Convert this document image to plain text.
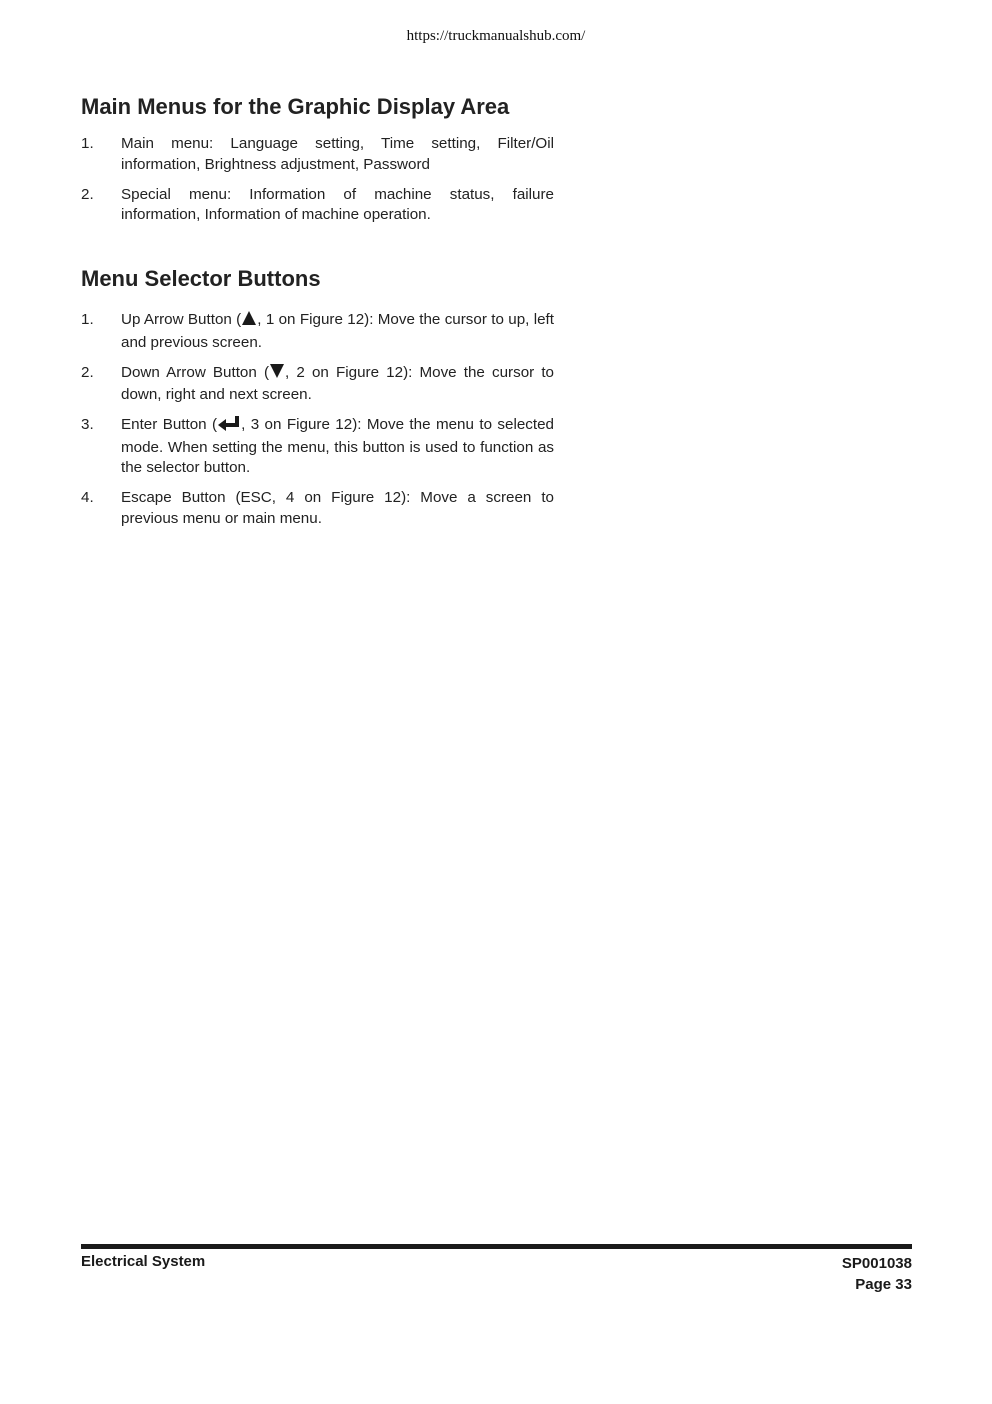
https://truckmanualshub.com/
Main Menus for the Graphic Display Area
1. Main menu: Language setting, Time setting, Filter/Oil information, Brightness adjustment, Password
2. Special menu: Information of machine status, failure information, Information of machine operation.
Menu Selector Buttons
1. Up Arrow Button ( , 1 on Figure 12): Move the cursor to up, left and previous screen.
2. Down Arrow Button ( , 2 on Figure 12): Move the cursor to down, right and next screen.
3. Enter Button ( , 3 on Figure 12): Move the menu to selected mode. When setting the menu, this button is used to function as the selector button.
4. Escape Button (ESC, 4 on Figure 12): Move a screen to previous menu or main menu.
Electrical System	SP001038
Page 33
